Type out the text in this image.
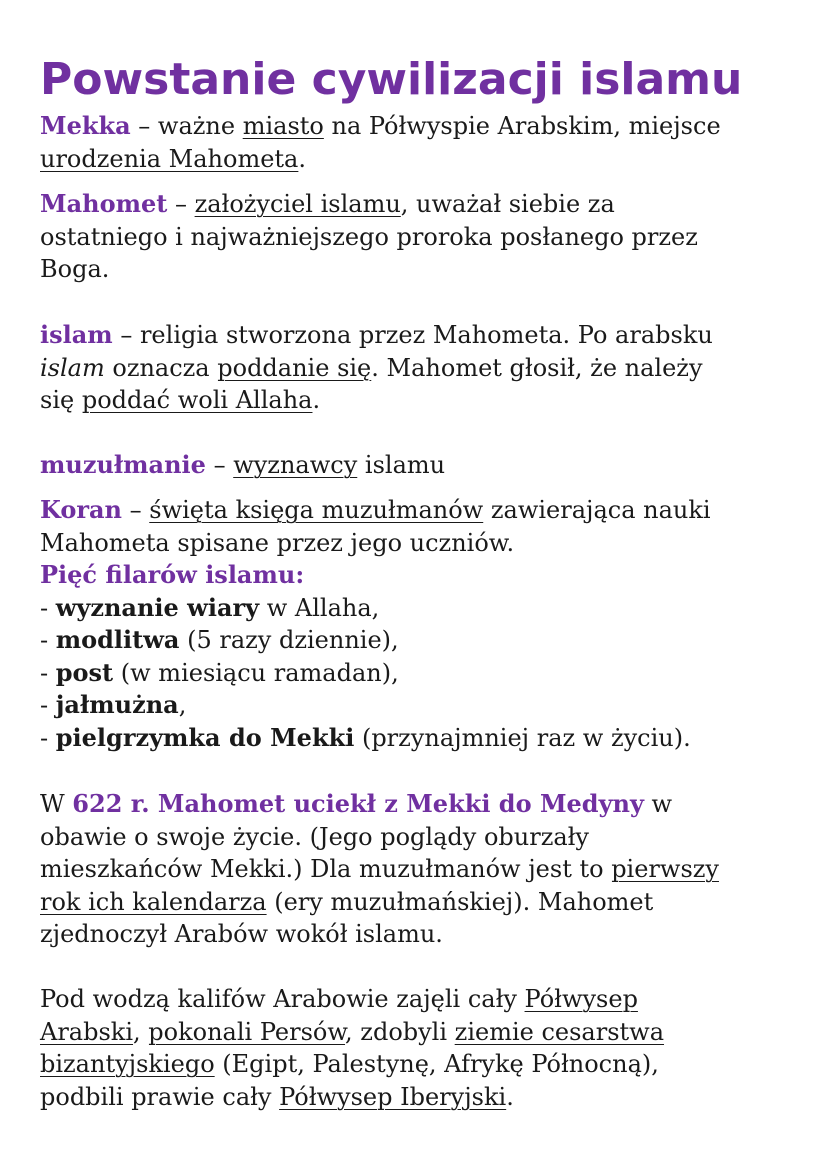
Powstanie cywilizacji islamu
Mekka – ważne miasto na Półwyspie Arabskim, miejsce
urodzenia Mahometa.
Mahomet – założyciel islamu, uważał siebie za
ostatniego i najważniejszego proroka posłanego przez
Boga.
islam – religia stworzona przez Mahometa. Po arabsku
islam oznacza poddanie się. Mahomet głosił, że należy
się poddać woli Allaha.
muzułmanie – wyznawcy islamu
Koran – święta księga muzułmanów zawierająca nauki
Mahometa spisane przez jego uczniów.
Pięć filarów islamu:
- wyznanie wiary w Allaha,
- modlitwa (5 razy dziennie),
- post (w miesiącu ramadan),
- jałmużna,
- pielgrzymka do Mekki (przynajmniej raz w życiu).
W 622 r. Mahomet uciekł z Mekki do Medyny w
obawie o swoje życie. (Jego poglądy oburzały
mieszkańców Mekki.) Dla muzułmanów jest to pierwszy
rok ich kalendarza (ery muzułmańskiej). Mahomet
zjednoczył Arabów wokół islamu.
Pod wodzą kalifów Arabowie zajęli cały Półwysep
Arabski, pokonali Persów, zdobyli ziemie cesarstwa
bizantyjskiego (Egipt, Palestynę, Afrykę Północną),
podbili prawie cały Półwysep Iberyjski.
